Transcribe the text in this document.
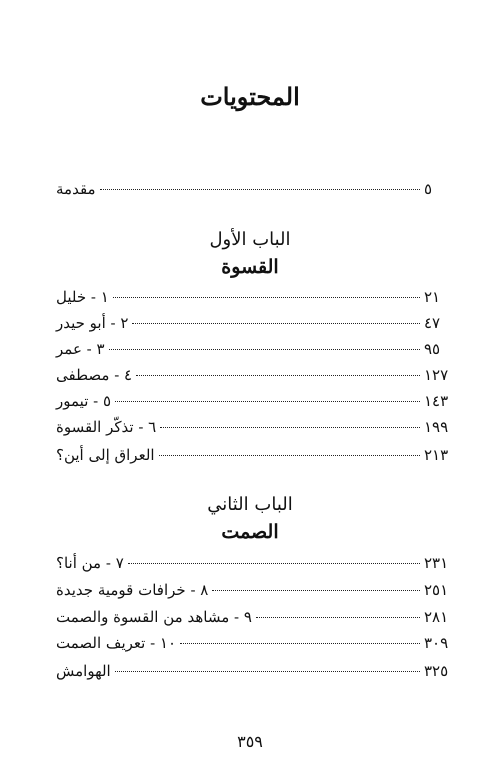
المحتويات
مقدمة	٥
الباب الأول
القسوة
١ - خليل	٢١
٢ - أبو حيدر	٤٧
٣ - عمر	٩٥
٤ - مصطفى	١٢٧
٥ - تيمور	١٤٣
٦ - تذكّر القسوة	١٩٩
العراق إلى أين؟	٢١٣
الباب الثاني
الصمت
٧ - من أنا؟	٢٣١
٨ - خرافات قومية جديدة	٢٥١
٩ - مشاهد من القسوة والصمت	٢٨١
١٠ - تعريف الصمت	٣٠٩
الهوامش	٣٢٥
٣٥٩
